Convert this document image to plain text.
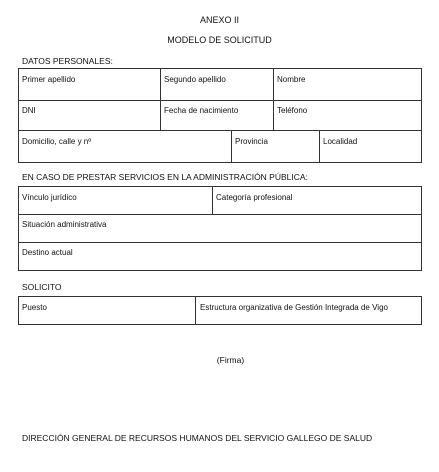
ANEXO II
MODELO DE SOLICITUD
DATOS PERSONALES:
Primer apellido	Segundo apellido	Nombre
DNI	Fecha de nacimiento	Teléfono
Domicilio, calle y nº	Provincia	Localidad
EN CASO DE PRESTAR SERVICIOS EN LA ADMINISTRACIÓN PÚBLICA:
Vínculo jurídico	Categoría profesional
Situación administrativa
Destino actual
SOLICITO
Puesto	Estructura organizativa de Gestión Integrada de Vigo
(Firma)
DIRECCIÓN GENERAL DE RECURSOS HUMANOS DEL SERVICIO GALLEGO DE SALUD
